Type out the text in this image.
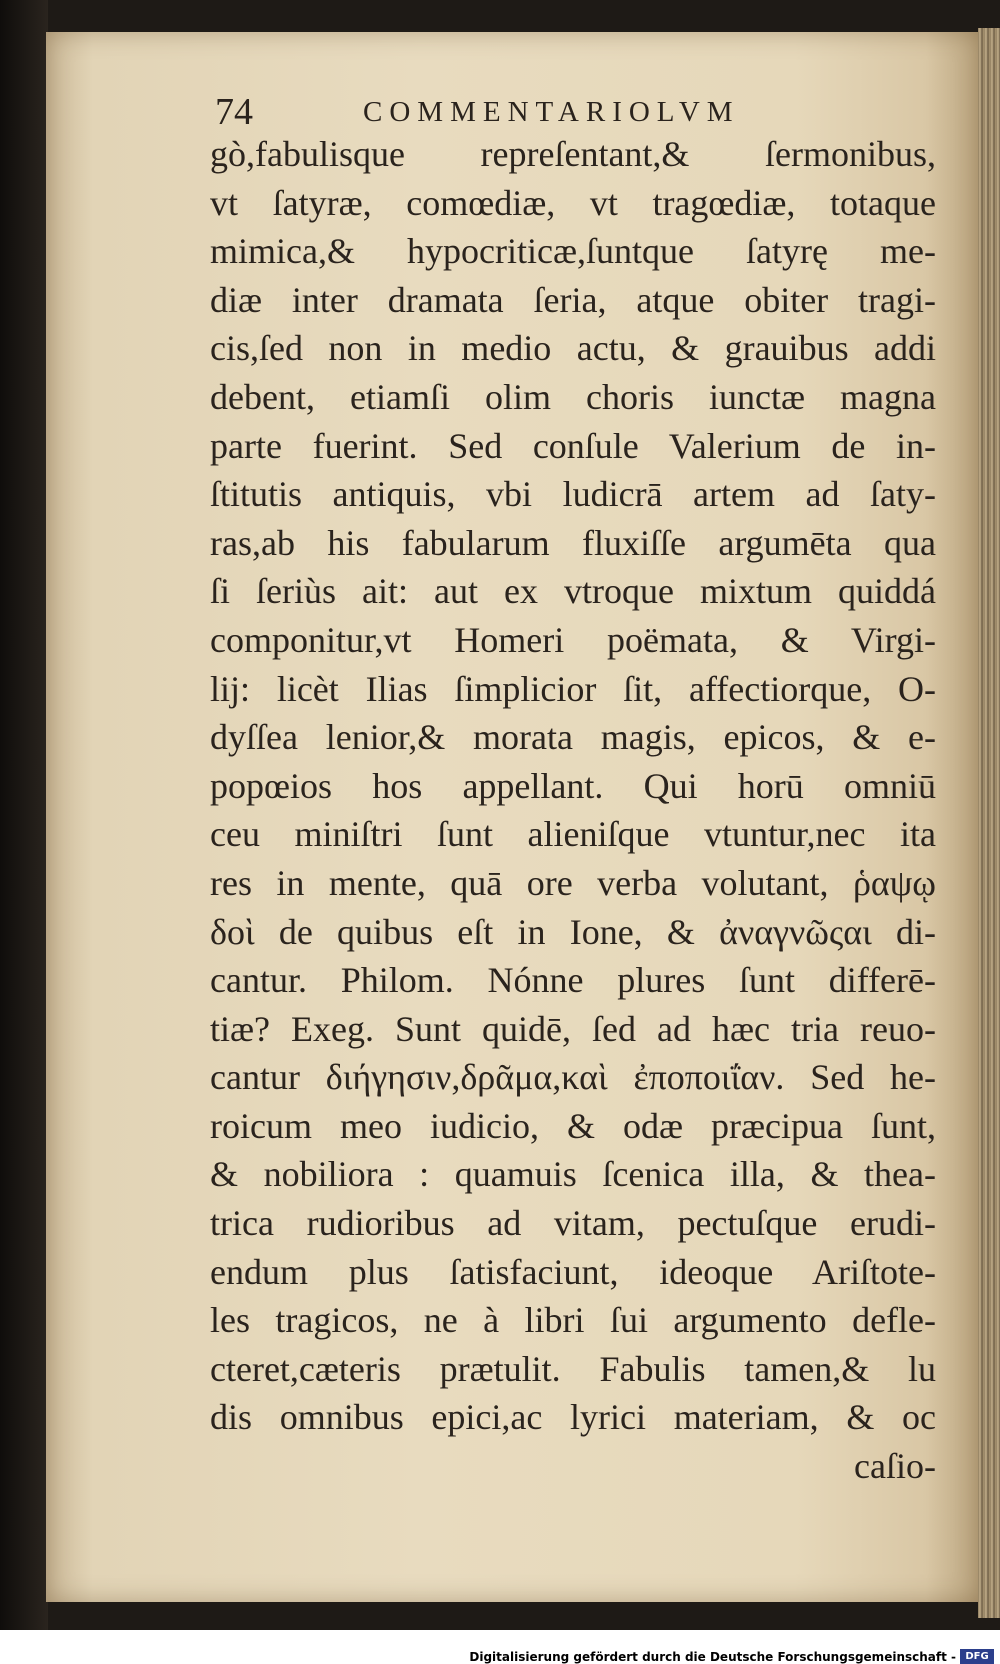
74	COMMENTARIOLVM
gò,fabulisque repreſentant,& ſermonibus,
vt ſatyræ, comœdiæ, vt tragœdiæ, totaque
mimica,& hypocriticæ,ſuntque ſatyrę me-
diæ inter dramata ſeria, atque obiter tragi-
cis,ſed non in medio actu, & grauibus addi
debent, etiamſi olim choris iunctæ magna
parte fuerint. Sed conſule Valerium de in-
ſtitutis antiquis, vbi ludicrā artem ad ſaty-
ras,ab his fabularum fluxiſſe argumēta qua
ſi ſeriùs ait: aut ex vtroque mixtum quiddá
componitur,vt Homeri poëmata, & Virgi-
lij: licèt Ilias ſimplicior ſit, affectiorque, O-
dyſſea lenior,& morata magis, epicos, & e-
popœios hos appellant. Qui horū omniū
ceu miniſtri ſunt alieniſque vtuntur,nec ita
res in mente, quā ore verba volutant, ῥαψῳ
δοὶ de quibus eſt in Ione, & ἀναγνῶςαι di-
cantur. Philom. Nónne plures ſunt differē-
tiæ? Exeg. Sunt quidē, ſed ad hæc tria reuo-
cantur διήγησιν,δρᾶμα,καὶ ἐποποιΐαν. Sed he-
roicum meo iudicio, & odæ præcipua ſunt,
& nobiliora : quamuis ſcenica illa, & thea-
trica rudioribus ad vitam, pectuſque erudi-
endum plus ſatisfaciunt, ideoque Ariſtote-
les tragicos, ne à libri ſui argumento defle-
cteret,cæteris prætulit. Fabulis tamen,& lu
dis omnibus epici,ac lyrici materiam, & oc
caſio-
Digitalisierung gefördert durch die Deutsche Forschungsgemeinschaft - DFG
